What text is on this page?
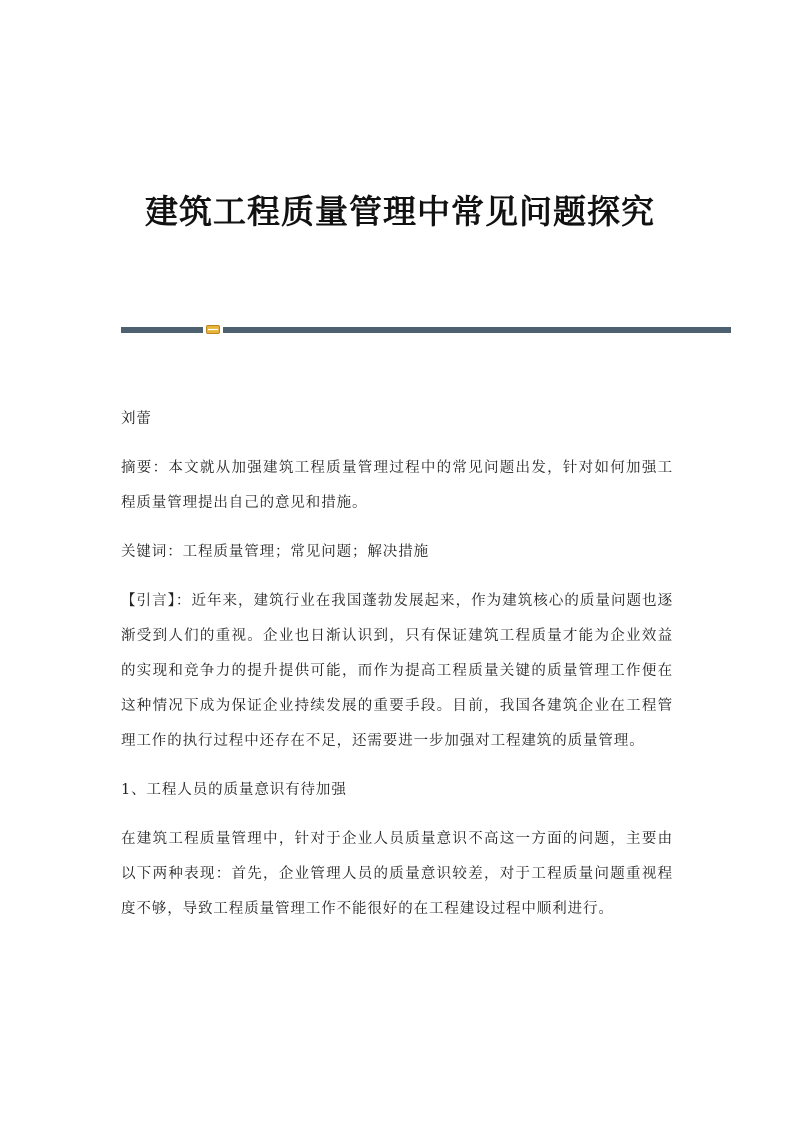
建筑工程质量管理中常见问题探究

刘蕾

摘要：本文就从加强建筑工程质量管理过程中的常见问题出发，针对如何加强工程质量管理提出自己的意见和措施。

关键词：工程质量管理；常见问题；解决措施

【引言】：近年来，建筑行业在我国蓬勃发展起来，作为建筑核心的质量问题也逐渐受到人们的重视。企业也日渐认识到，只有保证建筑工程质量才能为企业效益的实现和竞争力的提升提供可能，而作为提高工程质量关键的质量管理工作便在这种情况下成为保证企业持续发展的重要手段。目前，我国各建筑企业在工程管理工作的执行过程中还存在不足，还需要进一步加强对工程建筑的质量管理。

1、工程人员的质量意识有待加强

在建筑工程质量管理中，针对于企业人员质量意识不高这一方面的问题，主要由以下两种表现：首先，企业管理人员的质量意识较差，对于工程质量问题重视程度不够，导致工程质量管理工作不能很好的在工程建设过程中顺利进行。
